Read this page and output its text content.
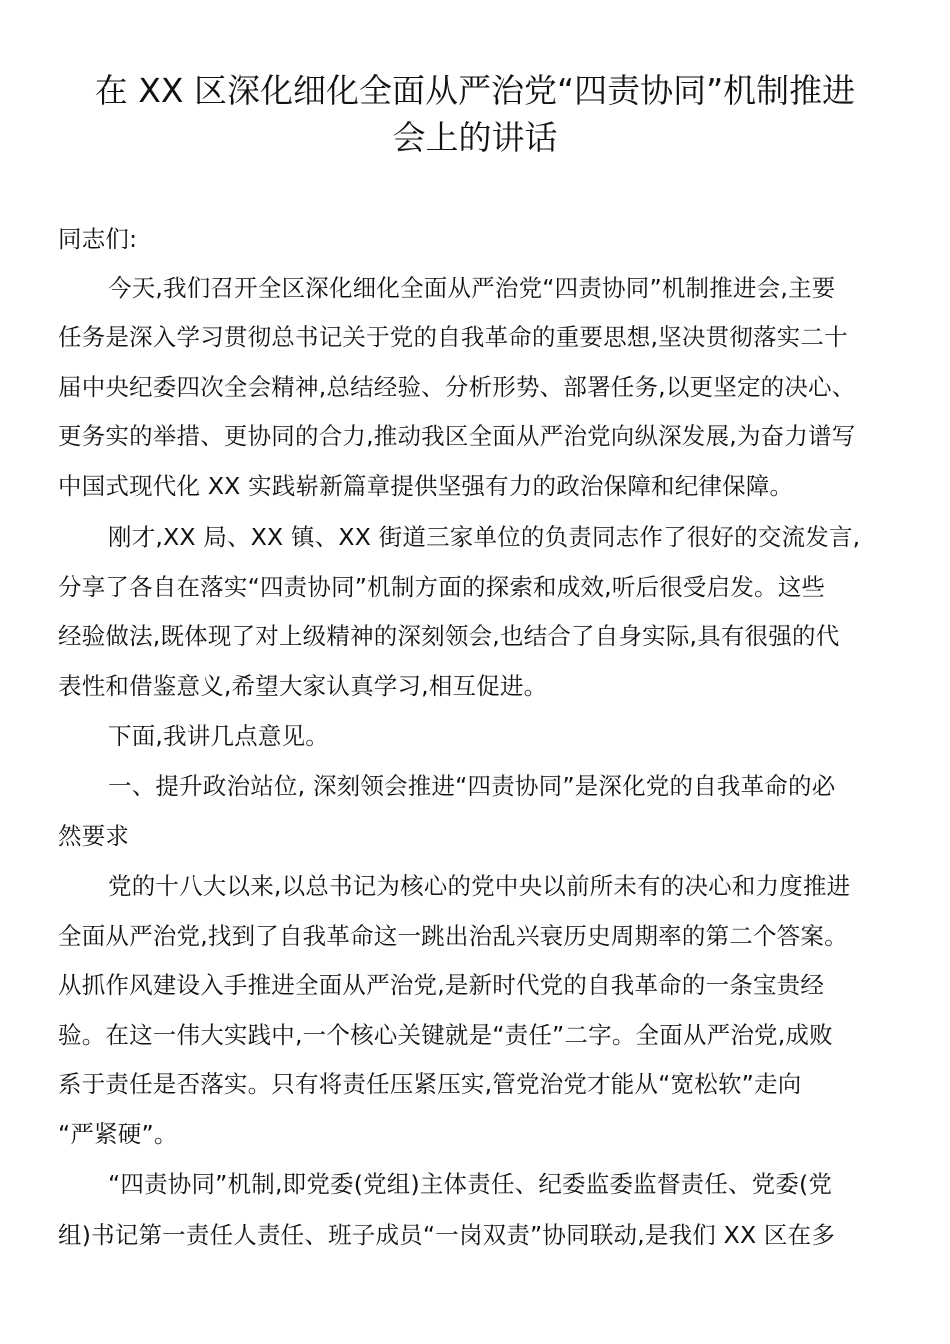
在 XX 区深化细化全面从严治党“四责协同”机制推进
会上的讲话
同志们:
今天,我们召开全区深化细化全面从严治党“四责协同”机制推进会,主要
任务是深入学习贯彻总书记关于党的自我革命的重要思想,坚决贯彻落实二十
届中央纪委四次全会精神,总结经验、分析形势、部署任务,以更坚定的决心、
更务实的举措、更协同的合力,推动我区全面从严治党向纵深发展,为奋力谱写
中国式现代化 XX 实践崭新篇章提供坚强有力的政治保障和纪律保障。
刚才,XX 局、XX 镇、XX 街道三家单位的负责同志作了很好的交流发言,
分享了各自在落实“四责协同”机制方面的探索和成效,听后很受启发。这些
经验做法,既体现了对上级精神的深刻领会,也结合了自身实际,具有很强的代
表性和借鉴意义,希望大家认真学习,相互促进。
下面,我讲几点意见。
一、提升政治站位, 深刻领会推进“四责协同”是深化党的自我革命的必
然要求
党的十八大以来,以总书记为核心的党中央以前所未有的决心和力度推进
全面从严治党,找到了自我革命这一跳出治乱兴衰历史周期率的第二个答案。
从抓作风建设入手推进全面从严治党,是新时代党的自我革命的一条宝贵经
验。在这一伟大实践中,一个核心关键就是“责任”二字。全面从严治党,成败
系于责任是否落实。只有将责任压紧压实,管党治党才能从“宽松软”走向
“严紧硬”。
“四责协同”机制,即党委(党组)主体责任、纪委监委监督责任、党委(党
组)书记第一责任人责任、班子成员“一岗双责”协同联动,是我们 XX 区在多
